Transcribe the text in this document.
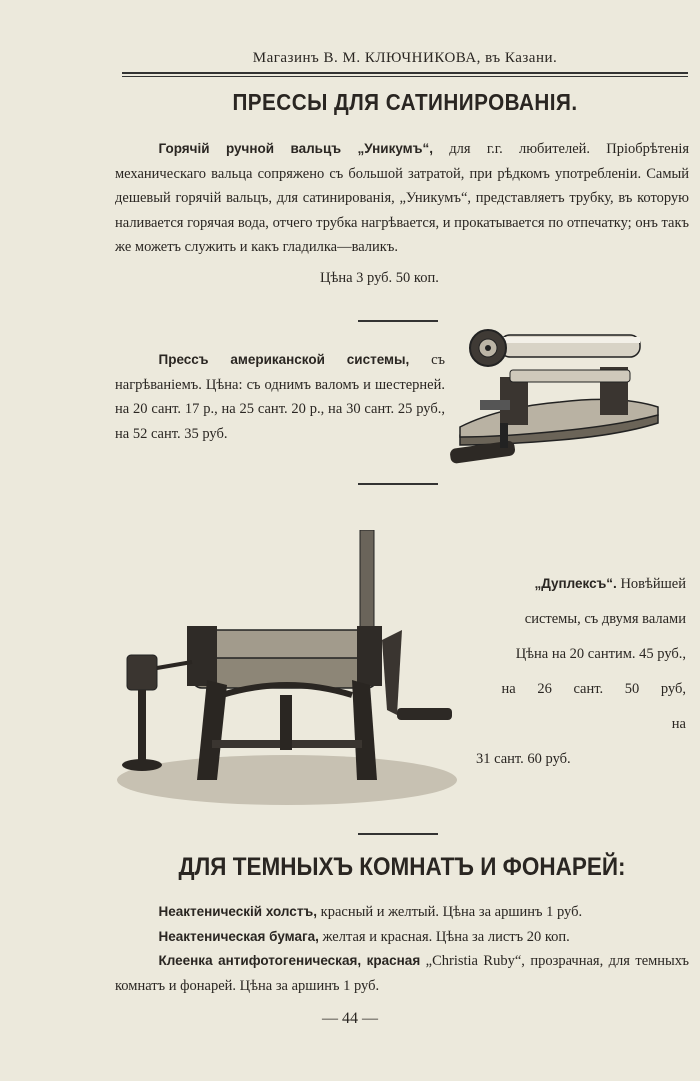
Магазинъ В. М. КЛЮЧНИКОВА, въ Казани.
ПРЕССЫ ДЛЯ САТИНИРОВАНІЯ.
   Горячій ручной вальцъ „Уникумъ“, для г.г. любителей. Пріобрѣтенія механическаго вальца сопряжено съ большой затратой, при рѣдкомъ употребленіи. Самый дешевый горячій вальцъ, для сатинированія, „Уникумъ“, представляетъ трубку, въ которую наливается горячая вода, отчего трубка нагрѣвается, и прокатывается по отпечатку; онъ такъ же можетъ служить и какъ гладилка—валикъ.
Цѣна 3 руб. 50 коп.
   Прессъ американской системы, съ нагрѣваніемъ. Цѣна: съ однимъ валомъ и шестерней. на 20 сант. 17 р., на 25 сант. 20 р., на 30 сант. 25 руб., на 52 сант. 35 руб.
„Дуплексъ“. Новѣйшей
системы, съ двумя валами
Цѣна на 20 сантим. 45 руб.,
на 26 сант. 50 руб, на
31 сант. 60 руб.
ДЛЯ ТЕМНЫХЪ КОМНАТЪ И ФОНАРЕЙ:
   Неактеническій холстъ, красный и желтый. Цѣна за аршинъ 1 руб.
   Неактеническая бумага, желтая и красная. Цѣна за листъ 20 коп.
   Клеенка антифотогеническая, красная „Christia Ruby“, прозрачная, для темныхъ комнатъ и фонарей. Цѣна за аршинъ 1 руб.
— 44 —
